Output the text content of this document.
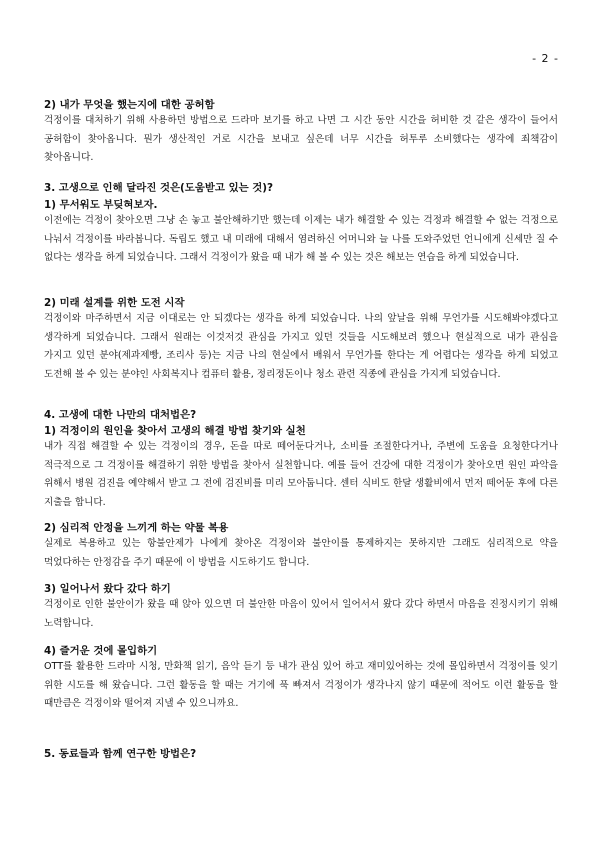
- 2 -
2) 내가 무엇을 했는지에 대한 공허함
걱정이를 대처하기 위해 사용하던 방법으로 드라마 보기를 하고 나면 그 시간 동안 시간을 허비한 것 같은 생각이 들어서 공허함이 찾아옵니다. 뭔가 생산적인 거로 시간을 보내고 싶은데 너무 시간을 허투루 소비했다는 생각에 죄책감이 찾아옵니다.
3. 고생으로 인해 달라진 것은(도움받고 있는 것)?
1) 무서워도 부딪혀보자.
이전에는 걱정이 찾아오면 그냥 손 놓고 불안해하기만 했는데 이제는 내가 해결할 수 있는 걱정과 해결할 수 없는 걱정으로 나눠서 걱정이를 바라봅니다. 독립도 했고 내 미래에 대해서 염려하신 어머니와 늘 나를 도와주었던 언니에게 신세만 질 수 없다는 생각을 하게 되었습니다. 그래서 걱정이가 왔을 때 내가 해 볼 수 있는 것은 해보는 연습을 하게 되었습니다.
2) 미래 설계를 위한 도전 시작
걱정이와 마주하면서 지금 이대로는 안 되겠다는 생각을 하게 되었습니다. 나의 앞날을 위해 무언가를 시도해봐야겠다고 생각하게 되었습니다. 그래서 원래는 이것저것 관심을 가지고 있던 것들을 시도해보려 했으나 현실적으로 내가 관심을 가지고 있던 분야(제과제빵, 조리사 등)는 지금 나의 현실에서 배워서 무언가를 한다는 게 어렵다는 생각을 하게 되었고 도전해 볼 수 있는 분야인 사회복지나 컴퓨터 활용, 정리정돈이나 청소 관련 직종에 관심을 가지게 되었습니다.
4. 고생에 대한 나만의 대처법은?
1) 걱정이의 원인을 찾아서 고생의 해결 방법 찾기와 실천
내가 직접 해결할 수 있는 걱정이의 경우, 돈을 따로 떼어둔다거나, 소비를 조절한다거나, 주변에 도움을 요청한다거나 적극적으로 그 걱정이를 해결하기 위한 방법을 찾아서 실천합니다. 예를 들어 건강에 대한 걱정이가 찾아오면 원인 파악을 위해서 병원 검진을 예약해서 받고 그 전에 검진비를 미리 모아둡니다. 센터 식비도 한달 생활비에서 먼저 떼어둔 후에 다른 지출을 합니다.
2) 심리적 안정을 느끼게 하는 약물 복용
실제로 복용하고 있는 항불안제가 나에게 찾아온 걱정이와 불안이를 통제하지는 못하지만 그래도 심리적으로 약을 먹었다하는 안정감을 주기 때문에 이 방법을 시도하기도 합니다.
3) 일어나서 왔다 갔다 하기
걱정이로 인한 불안이가 왔을 때 앉아 있으면 더 불안한 마음이 있어서 일어서서 왔다 갔다 하면서 마음을 진정시키기 위해 노력합니다.
4) 즐거운 것에 몰입하기
OTT를 활용한 드라마 시청, 만화책 읽기, 음악 듣기 등 내가 관심 있어 하고 재미있어하는 것에 몰입하면서 걱정이를 잊기 위한 시도를 해 왔습니다. 그런 활동을 할 때는 거기에 푹 빠져서 걱정이가 생각나지 않기 때문에 적어도 이런 활동을 할 때만큼은 걱정이와 떨어져 지낼 수 있으니까요.
5. 동료들과 함께 연구한 방법은?
